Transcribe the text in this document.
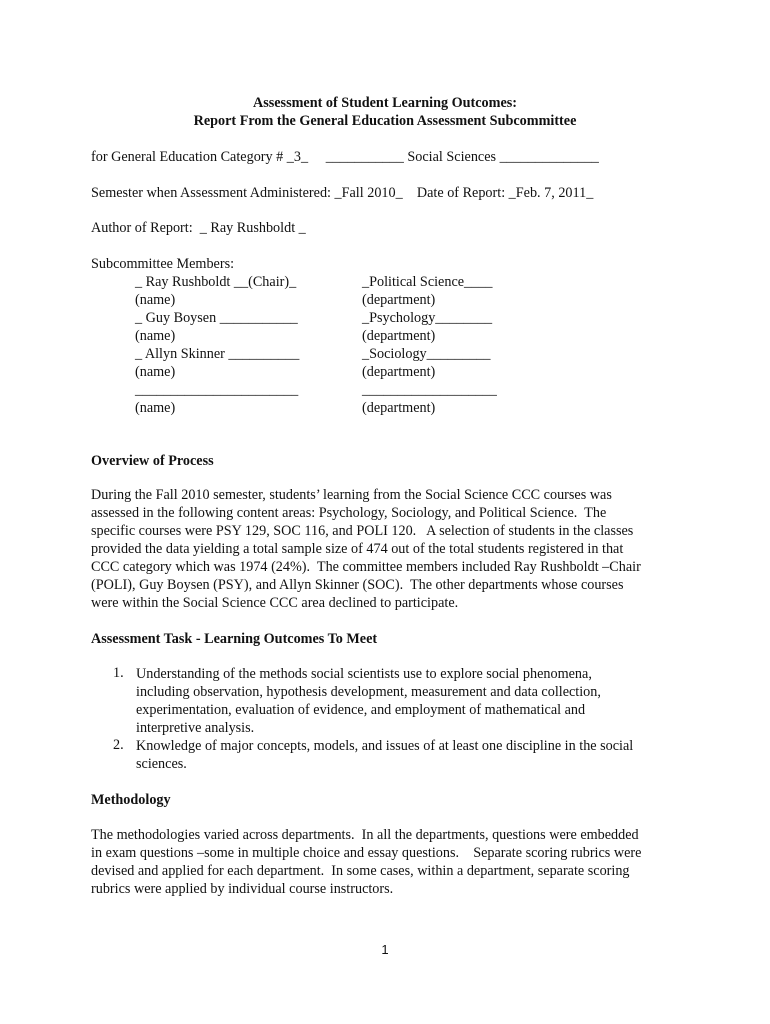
Assessment of Student Learning Outcomes:
Report From the General Education Assessment Subcommittee
for General Education Category # _3_     ___________ Social Sciences ______________
Semester when Assessment Administered: _Fall 2010_    Date of Report: _Feb. 7, 2011_
Author of Report:  _ Ray Rushboldt _
Subcommittee Members:
_ Ray Rushboldt __(Chair)_	_Political Science____
(name)	(department)
_ Guy Boysen ___________	_Psychology________
(name)	(department)
_ Allyn Skinner __________	_Sociology_________
(name)	(department)
_______________________	___________________
(name)	(department)
Overview of Process
During the Fall 2010 semester, students’ learning from the Social Science CCC courses was
assessed in the following content areas: Psychology, Sociology, and Political Science.  The
specific courses were PSY 129, SOC 116, and POLI 120.   A selection of students in the classes
provided the data yielding a total sample size of 474 out of the total students registered in that
CCC category which was 1974 (24%).  The committee members included Ray Rushboldt –Chair
(POLI), Guy Boysen (PSY), and Allyn Skinner (SOC).  The other departments whose courses
were within the Social Science CCC area declined to participate.
Assessment Task - Learning Outcomes To Meet
1. Understanding of the methods social scientists use to explore social phenomena,
including observation, hypothesis development, measurement and data collection,
experimentation, evaluation of evidence, and employment of mathematical and
interpretive analysis.
2. Knowledge of major concepts, models, and issues of at least one discipline in the social
sciences.
Methodology
The methodologies varied across departments.  In all the departments, questions were embedded
in exam questions –some in multiple choice and essay questions.    Separate scoring rubrics were
devised and applied for each department.  In some cases, within a department, separate scoring
rubrics were applied by individual course instructors.
1
